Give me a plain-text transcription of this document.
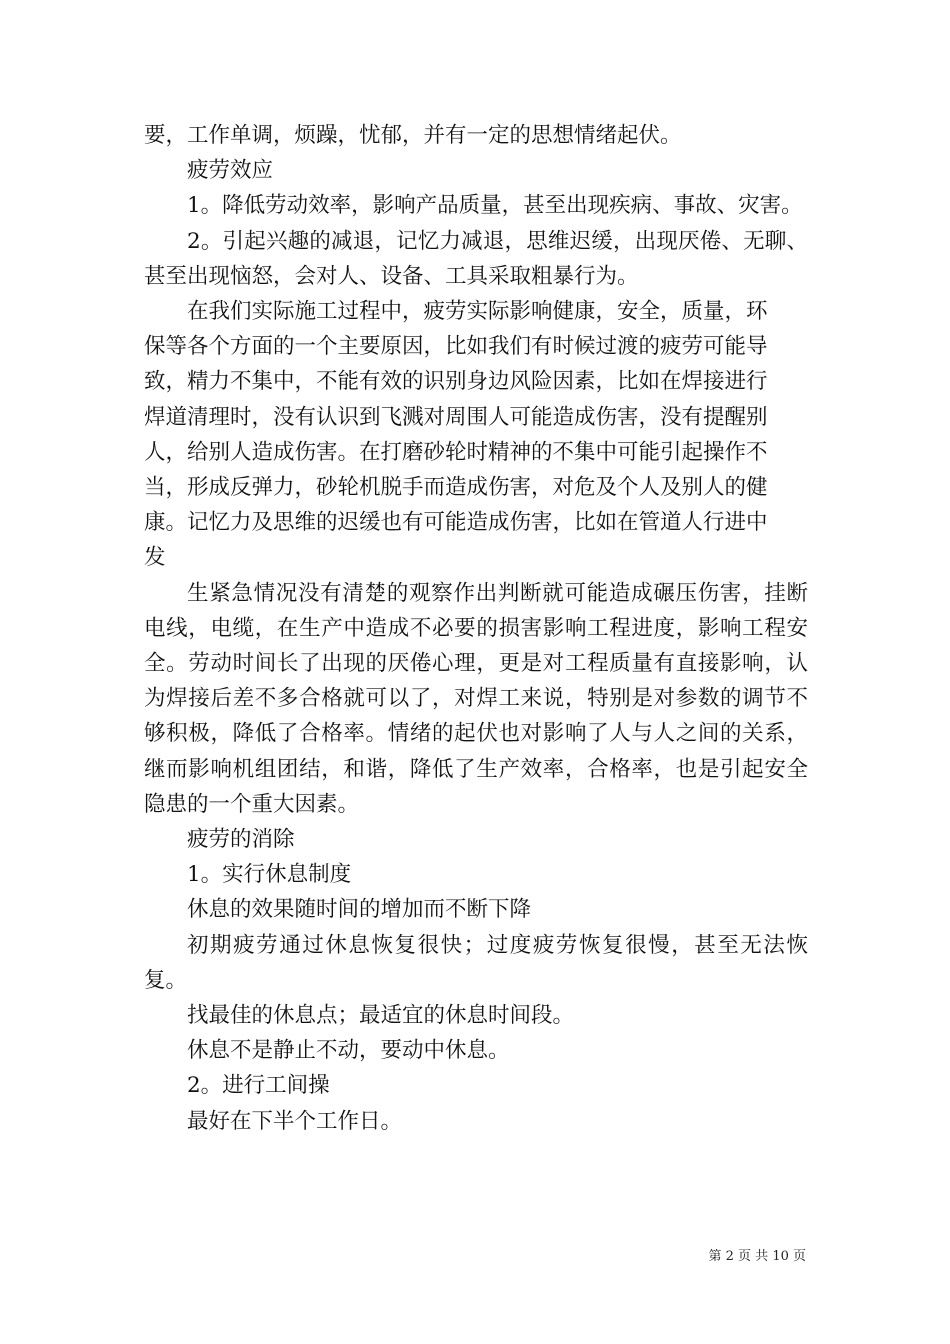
要，工作单调，烦躁，忧郁，并有一定的思想情绪起伏。

疲劳效应

1。降低劳动效率，影响产品质量，甚至出现疾病、事故、灾害。

2。引起兴趣的减退，记忆力减退，思维迟缓，出现厌倦、无聊、甚至出现恼怒，会对人、设备、工具采取粗暴行为。

在我们实际施工过程中，疲劳实际影响健康，安全，质量，环
保等各个方面的一个主要原因，比如我们有时候过渡的疲劳可能导
致，精力不集中，不能有效的识别身边风险因素，比如在焊接进行
焊道清理时，没有认识到飞溅对周围人可能造成伤害，没有提醒别
人，给别人造成伤害。在打磨砂轮时精神的不集中可能引起操作不
当，形成反弹力，砂轮机脱手而造成伤害，对危及个人及别人的健
康。记忆力及思维的迟缓也有可能造成伤害，比如在管道人行进中
发

生紧急情况没有清楚的观察作出判断就可能造成碾压伤害，挂断电线，电缆，在生产中造成不必要的损害影响工程进度，影响工程安全。劳动时间长了出现的厌倦心理，更是对工程质量有直接影响，认为焊接后差不多合格就可以了，对焊工来说，特别是对参数的调节不够积极，降低了合格率。情绪的起伏也对影响了人与人之间的关系，继而影响机组团结，和谐，降低了生产效率，合格率，也是引起安全隐患的一个重大因素。

疲劳的消除

1。实行休息制度

休息的效果随时间的增加而不断下降

初期疲劳通过休息恢复很快；过度疲劳恢复很慢，甚至无法恢复。

找最佳的休息点；最适宜的休息时间段。

休息不是静止不动，要动中休息。

2。进行工间操

最好在下半个工作日。

第 2 页 共 10 页
